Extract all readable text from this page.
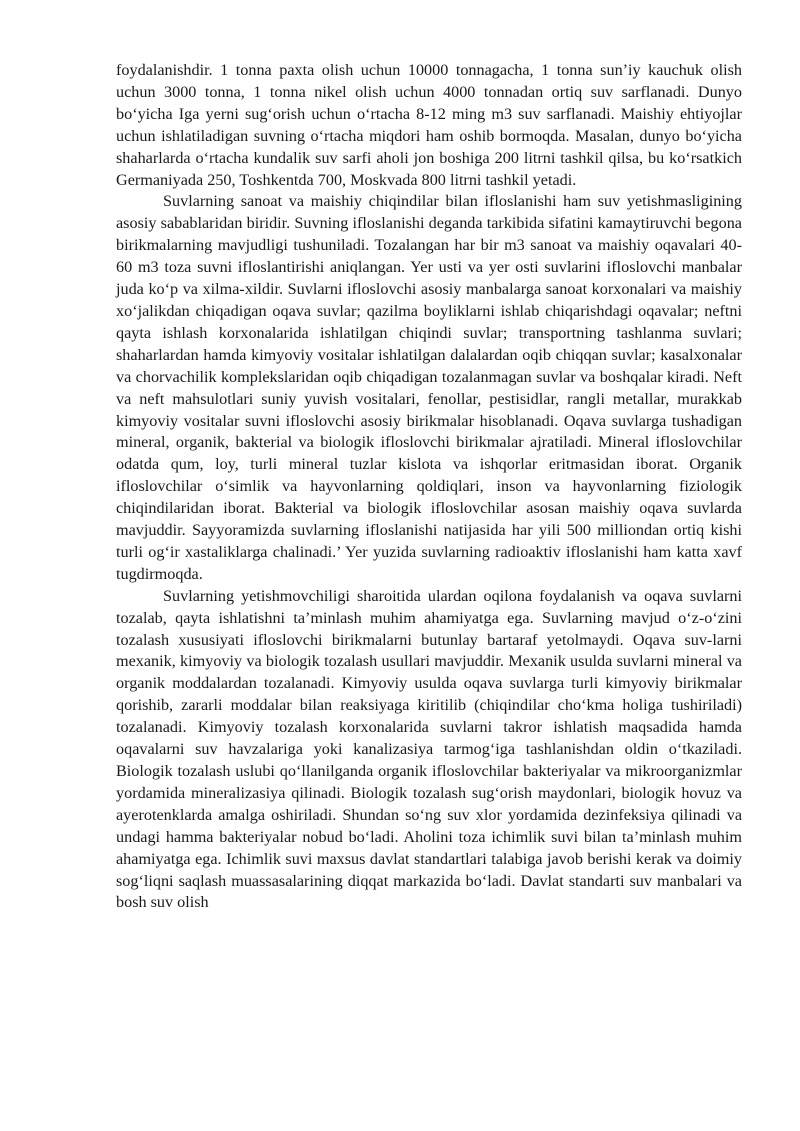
foydalanishdir. 1 tonna paxta olish uchun 10000 tonnagacha, 1 tonna sun’iy kauchuk olish uchun 3000 tonna, 1 tonna nikel olish uchun 4000 tonnadan ortiq suv sarflanadi. Dunyo bo‘yicha Iga yerni sug‘orish uchun o‘rtacha 8-12 ming m3 suv sarflanadi. Maishiy ehtiyojlar uchun ishlatiladigan suvning o‘rtacha miqdori ham oshib bormoqda. Masalan, dunyo bo‘yicha shaharlarda o‘rtacha kundalik suv sarfi aholi jon boshiga 200 litrni tashkil qilsa, bu ko‘rsatkich Germaniyada 250, Toshkentda 700, Moskvada 800 litrni tashkil yetadi.

Suvlarning sanoat va maishiy chiqindilar bilan ifloslanishi ham suv yetishmasligining asosiy sabablaridan biridir. Suvning ifloslanishi deganda tarkibida sifatini kamaytiruvchi begona birikmalarning mavjudligi tushuniladi. Tozalangan har bir m3 sanoat va maishiy oqavalari 40-60 m3 toza suvni ifloslantirishi aniqlangan. Yer usti va yer osti suvlarini ifloslovchi manbalar juda ko‘p va xilma-xildir. Suvlarni ifloslovchi asosiy manbalarga sanoat korxonalari va maishiy xo‘jalikdan chiqadigan oqava suvlar; qazilma boyliklarni ishlab chiqarishdagi oqavalar; neftni qayta ishlash korxonalarida ishlatilgan chiqindi suvlar; transportning tashlanma suvlari; shaharlardan hamda kimyoviy vositalar ishlatilgan dalalardan oqib chiqqan suvlar; kasalxonalar va chorvachilik komplekslaridan oqib chiqadigan tozalanmagan suvlar va boshqalar kiradi. Neft va neft mahsulotlari suniy yuvish vositalari, fenollar, pestisidlar, rangli metallar, murakkab kimyoviy vositalar suvni ifloslovchi asosiy birikmalar hisoblanadi. Oqava suvlarga tushadigan mineral, organik, bakterial va biologik ifloslovchi birikmalar ajratiladi. Mineral ifloslovchilar odatda qum, loy, turli mineral tuzlar kislota va ishqorlar eritmasidan iborat. Organik ifloslovchilar o‘simlik va hayvonlarning qoldiqlari, inson va hayvonlarning fiziologik chiqindilaridan iborat. Bakterial va biologik ifloslovchilar asosan maishiy oqava suvlarda mavjuddir. Sayyoramizda suvlarning ifloslanishi natijasida har yili 500 milliondan ortiq kishi turli og‘ir xastaliklarga chalinadi.’ Yer yuzida suvlarning radioaktiv ifloslanishi ham katta xavf tugdirmoqda.

Suvlarning yetishmovchiligi sharoitida ulardan oqilona foydalanish va oqava suvlarni tozalab, qayta ishlatishni ta’minlash muhim ahamiyatga ega. Suvlarning mavjud o‘z-o‘zini tozalash xususiyati ifloslovchi birikmalarni butunlay bartaraf yetolmaydi. Oqava suv-larni mexanik, kimyoviy va biologik tozalash usullari mavjuddir. Mexanik usulda suvlarni mineral va organik moddalardan tozalanadi. Kimyoviy usulda oqava suvlarga turli kimyoviy birikmalar qorishib, zararli moddalar bilan reaksiyaga kiritilib (chiqindilar cho‘kma holiga tushiriladi) tozalanadi. Kimyoviy tozalash korxonalarida suvlarni takror ishlatish maqsadida hamda oqavalarni suv havzalariga yoki kanalizasiya tarmog‘iga tashlanishdan oldin o‘tkaziladi. Biologik tozalash uslubi qo‘llanilganda organik ifloslovchilar bakteriyalar va mikroorganizmlar yordamida mineralizasiya qilinadi. Biologik tozalash sug‘orish maydonlari, biologik hovuz va ayerotenklarda amalga oshiriladi. Shundan so‘ng suv xlor yordamida dezinfeksiya qilinadi va undagi hamma bakteriyalar nobud bo‘ladi. Aholini toza ichimlik suvi bilan ta’minlash muhim ahamiyatga ega. Ichimlik suvi maxsus davlat standartlari talabiga javob berishi kerak va doimiy sog‘liqni saqlash muassasalarining diqqat markazida bo‘ladi. Davlat standarti suv manbalari va bosh suv olish
